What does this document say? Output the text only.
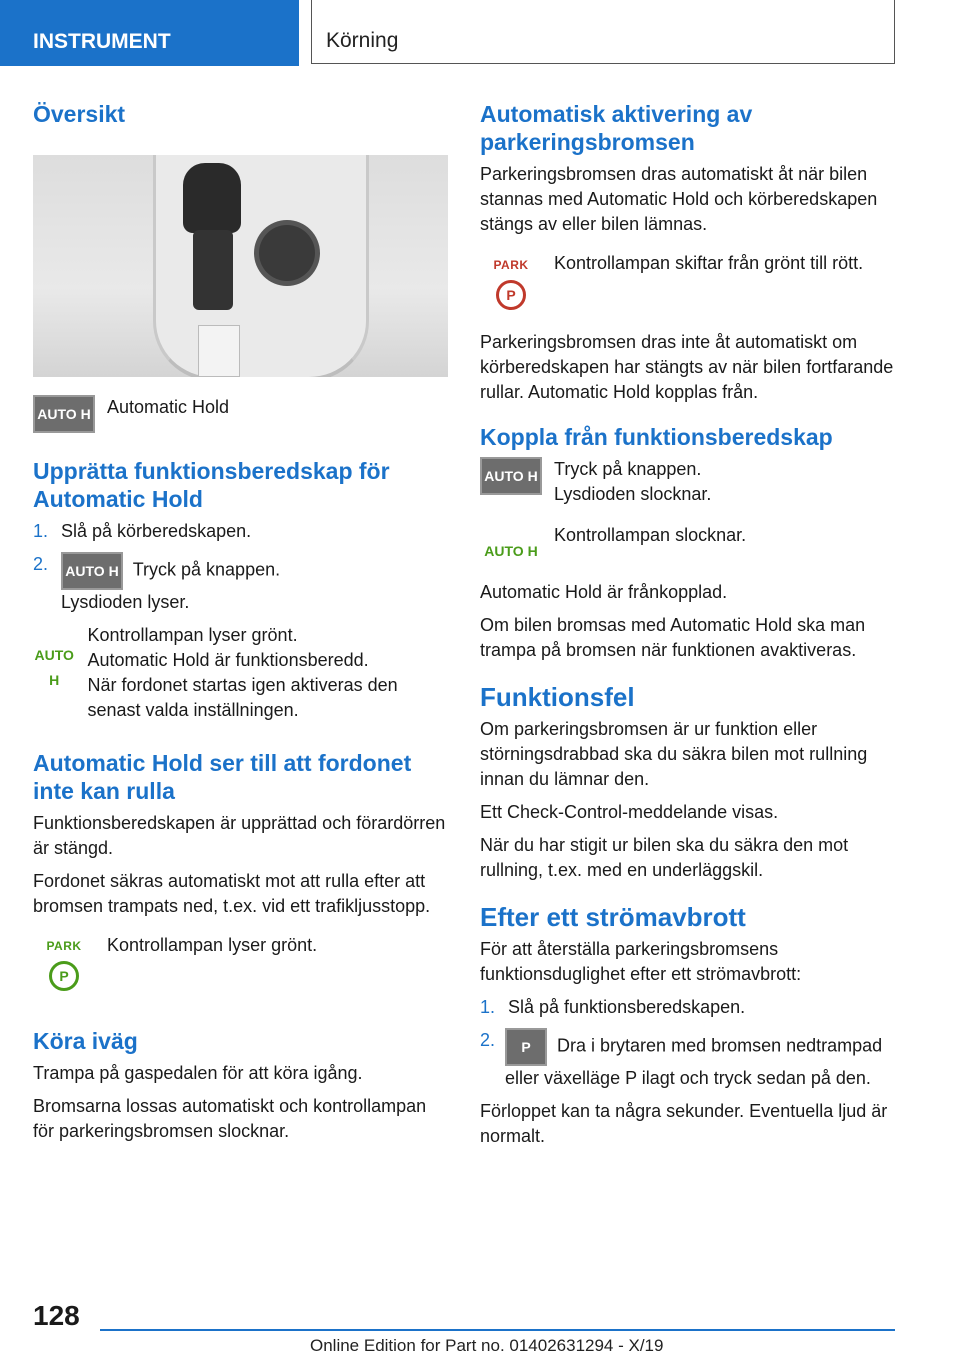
INSTRUMENT	Körning
Översikt
AUTO H Automatic Hold
Upprätta funktionsberedskap för Automatic Hold
1. Slå på körberedskapen.
2.	AUTO H Tryck på knappen.
Lysdioden lyser.
AUTO H
Kontrollampan lyser grönt.
Automatic Hold är funktionsberedd.
När fordonet startas igen aktiveras den senast valda inställningen.
Automatic Hold ser till att fordonet inte kan rulla

Funktionsberedskapen är upprättad och förardörren är stängd.

Fordonet säkras automatiskt mot att rulla efter att bromsen trampats ned, t.ex. vid ett trafikljusstopp.

PARK
P
Kontrollampan lyser grönt.
Köra iväg

Trampa på gaspedalen för att köra igång.

Bromsarna lossas automatiskt och kontrollampan för parkeringsbromsen slocknar.

Automatisk aktivering av parkeringsbromsen

Parkeringsbromsen dras automatiskt åt när bilen stannas med Automatic Hold och körberedskapen stängs av eller bilen lämnas.

PARK
P
Kontrollampan skiftar från grönt till rött.

Parkeringsbromsen dras inte åt automatiskt om körberedskapen har stängts av när bilen fortfarande rullar. Automatic Hold kopplas från.

Koppla från funktionsberedskap
AUTO H Tryck på knappen.
Lysdioden slocknar.
AUTO H
Kontrollampan slocknar.

Automatic Hold är frånkopplad.

Om bilen bromsas med Automatic Hold ska man trampa på bromsen när funktionen avaktiveras.

Funktionsfel

Om parkeringsbromsen är ur funktion eller störningsdrabbad ska du säkra bilen mot rullning innan du lämnar den.

Ett Check-Control-meddelande visas.

När du har stigit ur bilen ska du säkra den mot rullning, t.ex. med en underläggskil.

Efter ett strömavbrott

För att återställa parkeringsbromsens funktionsduglighet efter ett strömavbrott:

1. Slå på funktionsberedskapen.
2.	P Dra i brytaren med bromsen nedtrampad eller växelläge P ilagt och tryck sedan på den.

Förloppet kan ta några sekunder. Eventuella ljud är normalt.

128
Online Edition for Part no. 01402631294 - X/19
